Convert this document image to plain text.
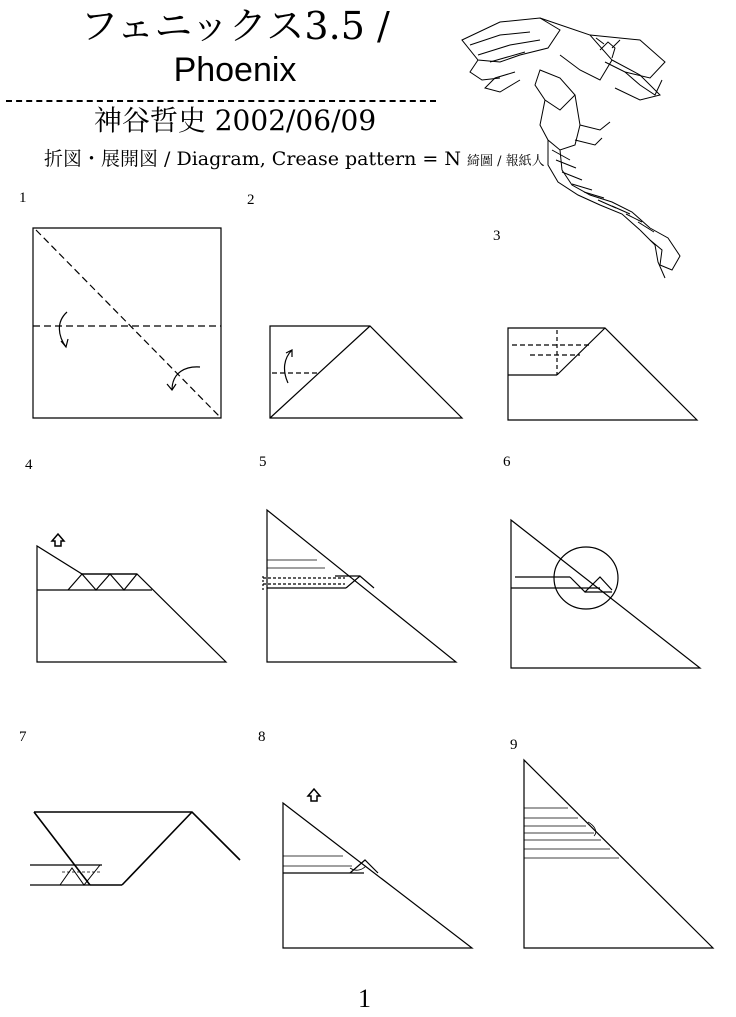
フェニックス3.5 /
Phoenix
神谷哲史 2002/06/09
折図・展開図 / Diagram, Crease pattern = N 綺圖 / 報紙人
1	2
3
4	5	6
7	8	9
1
